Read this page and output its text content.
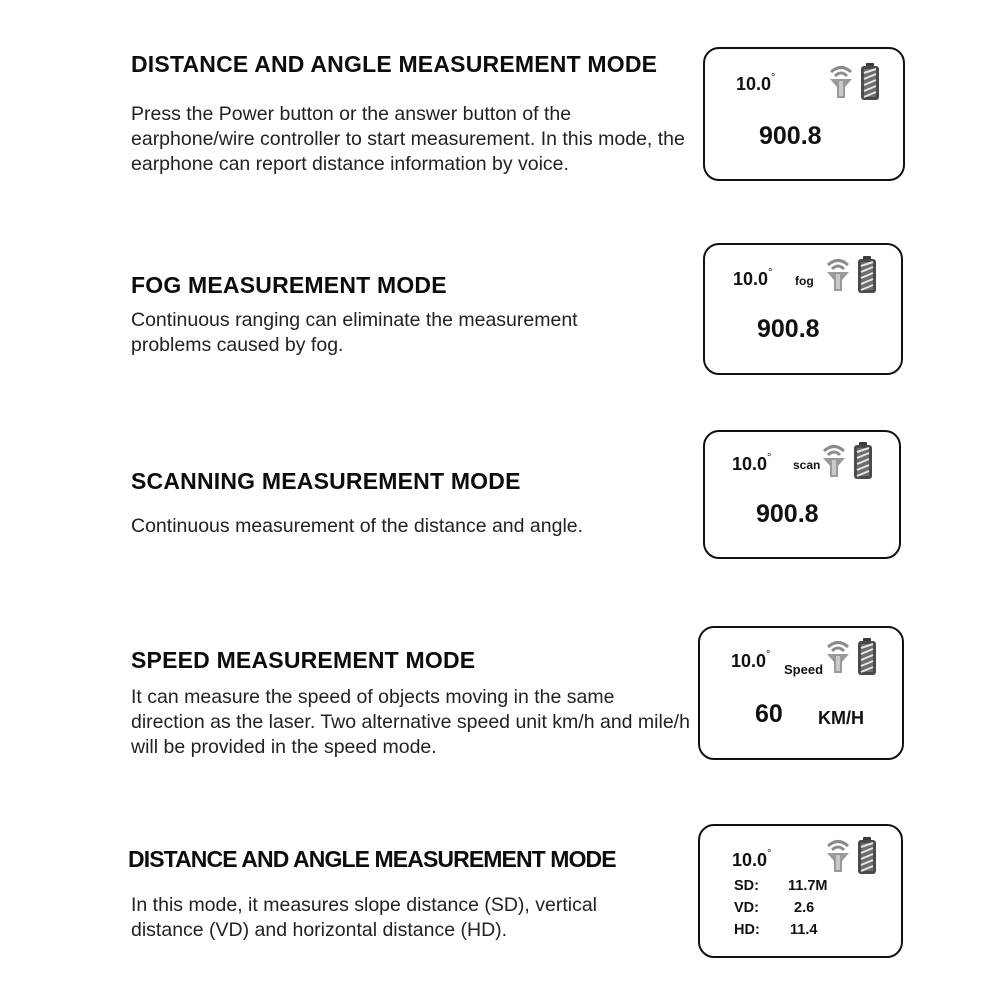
DISTANCE AND ANGLE MEASUREMENT MODE
Press the Power button or the answer button of the earphone/wire controller to start measurement. In this mode, the earphone can report distance information by voice.
10.0°
900.8
FOG MEASUREMENT MODE
Continuous ranging can eliminate the measurement problems caused by fog.
10.0°
fog
900.8
SCANNING MEASUREMENT MODE
Continuous measurement of the distance and angle.
10.0° scan
900.8
SPEED MEASUREMENT MODE
It can measure the speed of objects moving in the same direction as the laser. Two alternative speed unit km/h and mile/h will be provided in the speed mode.
10.0°
Speed
60 KM/H
DISTANCE AND ANGLE MEASUREMENT MODE
In this mode, it measures slope distance (SD), vertical distance (VD) and horizontal distance (HD).
10.0°
SD: 11.7M
VD: 2.6
HD: 11.4
